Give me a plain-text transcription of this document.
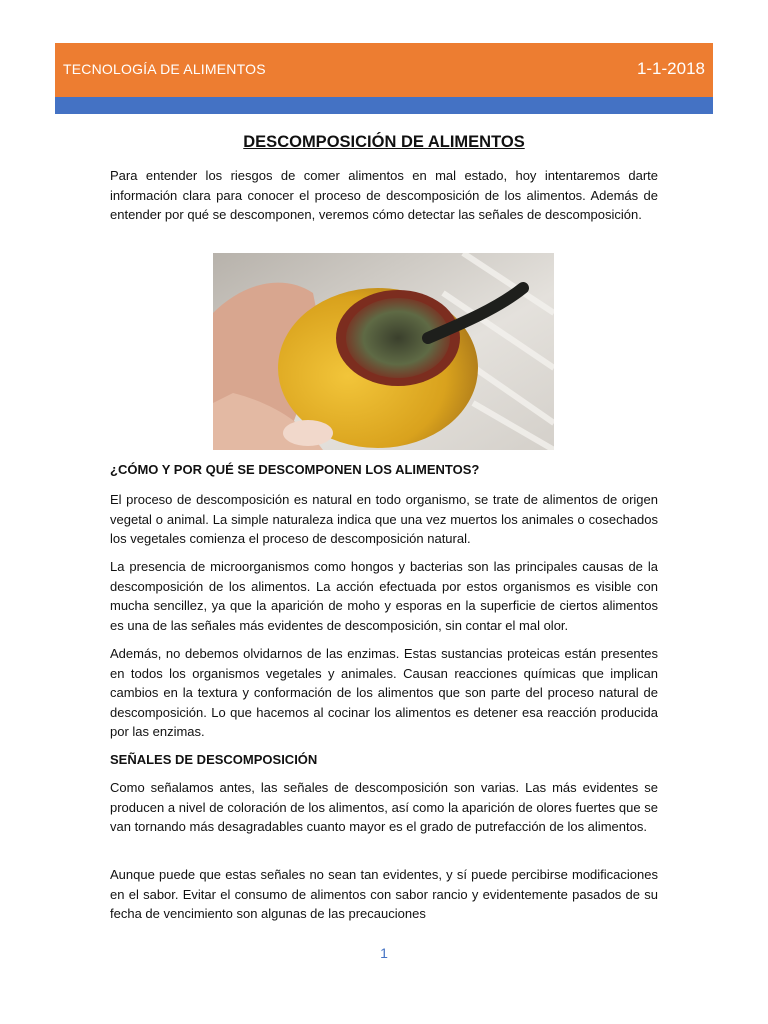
TECNOLOGÍA DE ALIMENTOS	1-1-2018
DESCOMPOSICIÓN DE ALIMENTOS

Para entender los riesgos de comer alimentos en mal estado, hoy intentaremos darte información clara para conocer el proceso de descomposición de los alimentos. Además de entender por qué se descomponen, veremos cómo detectar las señales de descomposición.

¿CÓMO Y POR QUÉ SE DESCOMPONEN LOS ALIMENTOS?

El proceso de descomposición es natural en todo organismo, se trate de alimentos de origen vegetal o animal. La simple naturaleza indica que una vez muertos los animales o cosechados los vegetales comienza el proceso de descomposición natural.

La presencia de microorganismos como hongos y bacterias son las principales causas de la descomposición de los alimentos. La acción efectuada por estos organismos es visible con mucha sencillez, ya que la aparición de moho y esporas en la superficie de ciertos alimentos es una de las señales más evidentes de descomposición, sin contar el mal olor.

Además, no debemos olvidarnos de las enzimas. Estas sustancias proteicas están presentes en todos los organismos vegetales y animales. Causan reacciones químicas que implican cambios en la textura y conformación de los alimentos que son parte del proceso natural de descomposición. Lo que hacemos al cocinar los alimentos es detener esa reacción producida por las enzimas.

SEÑALES DE DESCOMPOSICIÓN

Como señalamos antes, las señales de descomposición son varias. Las más evidentes se producen a nivel de coloración de los alimentos, así como la aparición de olores fuertes que se van tornando más desagradables cuanto mayor es el grado de putrefacción de los alimentos.

Aunque puede que estas señales no sean tan evidentes, y sí puede percibirse modificaciones en el sabor. Evitar el consumo de alimentos con sabor rancio y evidentemente pasados de su fecha de vencimiento son algunas de las precauciones

1
